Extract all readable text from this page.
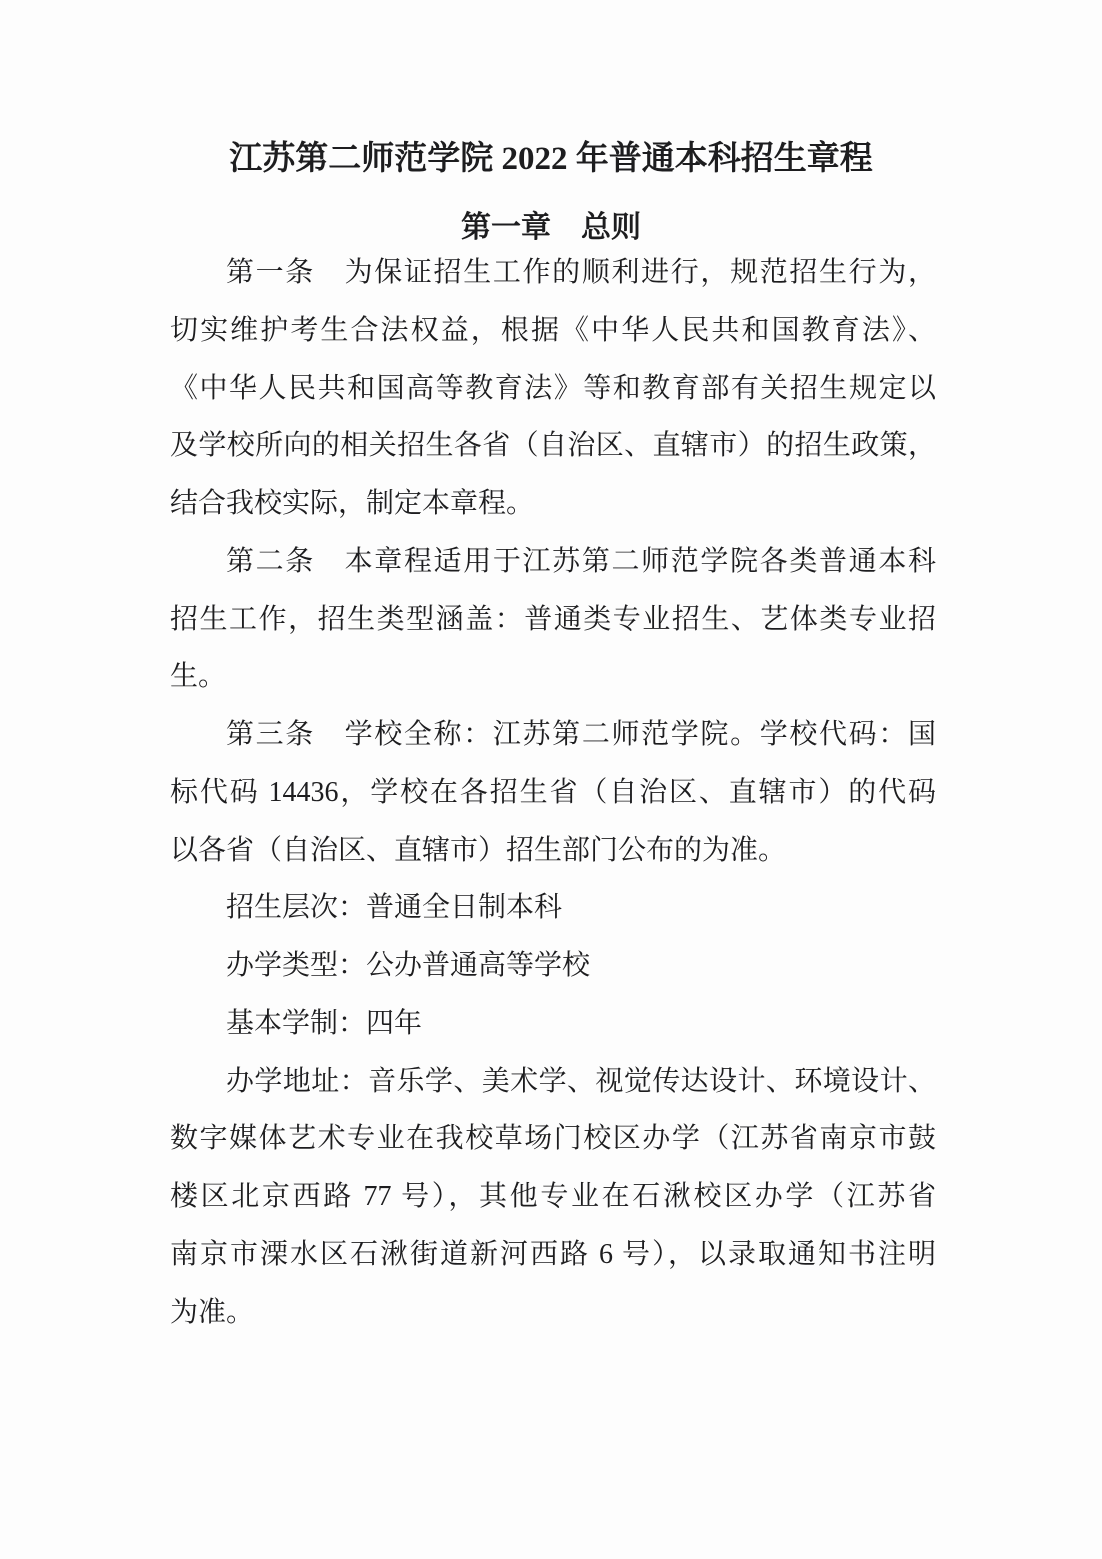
江苏第二师范学院 2022 年普通本科招生章程
第一章　总则
第一条　为保证招生工作的顺利进行，规范招生行为，
切实维护考生合法权益，根据《中华人民共和国教育法》、
《中华人民共和国高等教育法》等和教育部有关招生规定以
及学校所向的相关招生各省（自治区、直辖市）的招生政策，
结合我校实际，制定本章程。
第二条　本章程适用于江苏第二师范学院各类普通本科
招生工作，招生类型涵盖：普通类专业招生、艺体类专业招
生。
第三条　学校全称：江苏第二师范学院。学校代码：国
标代码 14436，学校在各招生省（自治区、直辖市）的代码
以各省（自治区、直辖市）招生部门公布的为准。
招生层次：普通全日制本科
办学类型：公办普通高等学校
基本学制：四年
办学地址：音乐学、美术学、视觉传达设计、环境设计、
数字媒体艺术专业在我校草场门校区办学（江苏省南京市鼓
楼区北京西路 77 号），其他专业在石湫校区办学（江苏省
南京市溧水区石湫街道新河西路 6 号），以录取通知书注明
为准。
